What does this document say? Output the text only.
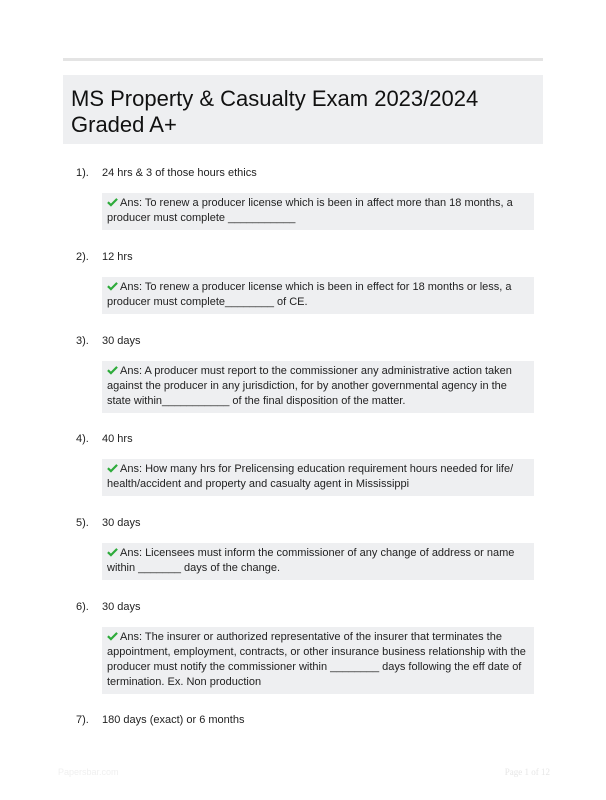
MS Property & Casualty Exam 2023/2024
Graded A+
1). 24 hrs & 3 of those hours ethics
Ans: To renew a producer license which is been in affect more than 18 months, a producer must complete ___________
2). 12 hrs
Ans: To renew a producer license which is been in effect for 18 months or less, a producer must complete________ of CE.
3). 30 days
Ans: A producer must report to the commissioner any administrative action taken against the producer in any jurisdiction, for by another governmental agency in the state within___________ of the final disposition of the matter.
4). 40 hrs
Ans: How many hrs for Prelicensing education requirement hours needed for life/ health/accident and property and casualty agent in Mississippi
5). 30 days
Ans: Licensees must inform the commissioner of any change of address or name within _______ days of the change.
6). 30 days
Ans: The insurer or authorized representative of the insurer that terminates the appointment, employment, contracts, or other insurance business relationship with the producer must notify the commissioner within ________ days following the eff date of termination. Ex. Non production
7). 180 days (exact) or 6 months
Papersbar.com	Page 1 of 12
